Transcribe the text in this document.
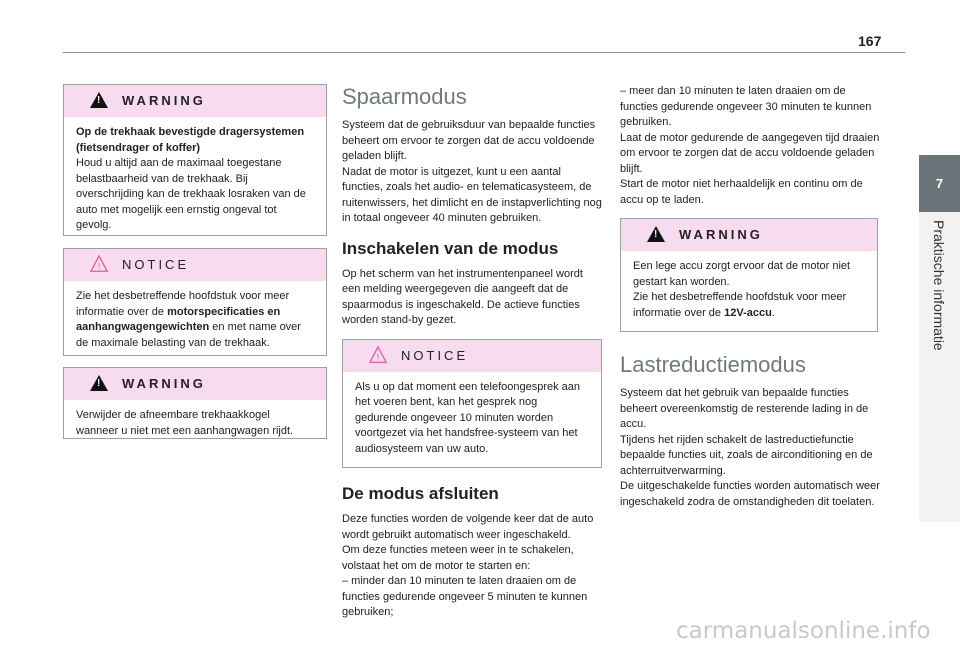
167
7
Praktische informatie
!
WARNING
Op de trekhaak bevestigde dragersystemen (fietsendrager of koffer)
Houd u altijd aan de maximaal toegestane belastbaarheid van de trekhaak. Bij overschrijding kan de trekhaak losraken van de auto met mogelijk een ernstig ongeval tot gevolg.
! NOTICE
Zie het desbetreffende hoofdstuk voor meer informatie over de motorspecificaties en aanhangwagengewichten en met name over de maximale belasting van de trekhaak.
!
WARNING
Verwijder de afneembare trekhaakkogel wanneer u niet met een aanhangwagen rijdt.
Spaarmodus

Systeem dat de gebruiksduur van bepaalde functies beheert om ervoor te zorgen dat de accu voldoende geladen blijft.

Nadat de motor is uitgezet, kunt u een aantal functies, zoals het audio- en telematicasysteem, de ruitenwissers, het dimlicht en de instapverlichting nog in totaal ongeveer 40 minuten gebruiken.

Inschakelen van de modus

Op het scherm van het instrumentenpaneel wordt een melding weergegeven die aangeeft dat de spaarmodus is ingeschakeld. De actieve functies worden stand-by gezet.

! NOTICE
Als u op dat moment een telefoongesprek aan het voeren bent, kan het gesprek nog gedurende ongeveer 10 minuten worden voortgezet via het handsfree-systeem van het audiosysteem van uw auto.
De modus afsluiten

Deze functies worden de volgende keer dat de auto wordt gebruikt automatisch weer ingeschakeld.

Om deze functies meteen weer in te schakelen, volstaat het om de motor te starten en:

– minder dan 10 minuten te laten draaien om de functies gedurende ongeveer 5 minuten te kunnen gebruiken;

– meer dan 10 minuten te laten draaien om de functies gedurende ongeveer 30 minuten te kunnen gebruiken.

Laat de motor gedurende de aangegeven tijd draaien om ervoor te zorgen dat de accu voldoende geladen blijft.

Start de motor niet herhaaldelijk en continu om de accu op te laden.

!
WARNING
Een lege accu zorgt ervoor dat de motor niet gestart kan worden.
Zie het desbetreffende hoofdstuk voor meer informatie over de 12V-accu.
Lastreductiemodus

Systeem dat het gebruik van bepaalde functies beheert overeenkomstig de resterende lading in de accu.

Tijdens het rijden schakelt de lastreductiefunctie bepaalde functies uit, zoals de airconditioning en de achterruitverwarming.

De uitgeschakelde functies worden automatisch weer ingeschakeld zodra de omstandigheden dit toelaten.

carmanualsonline.info
